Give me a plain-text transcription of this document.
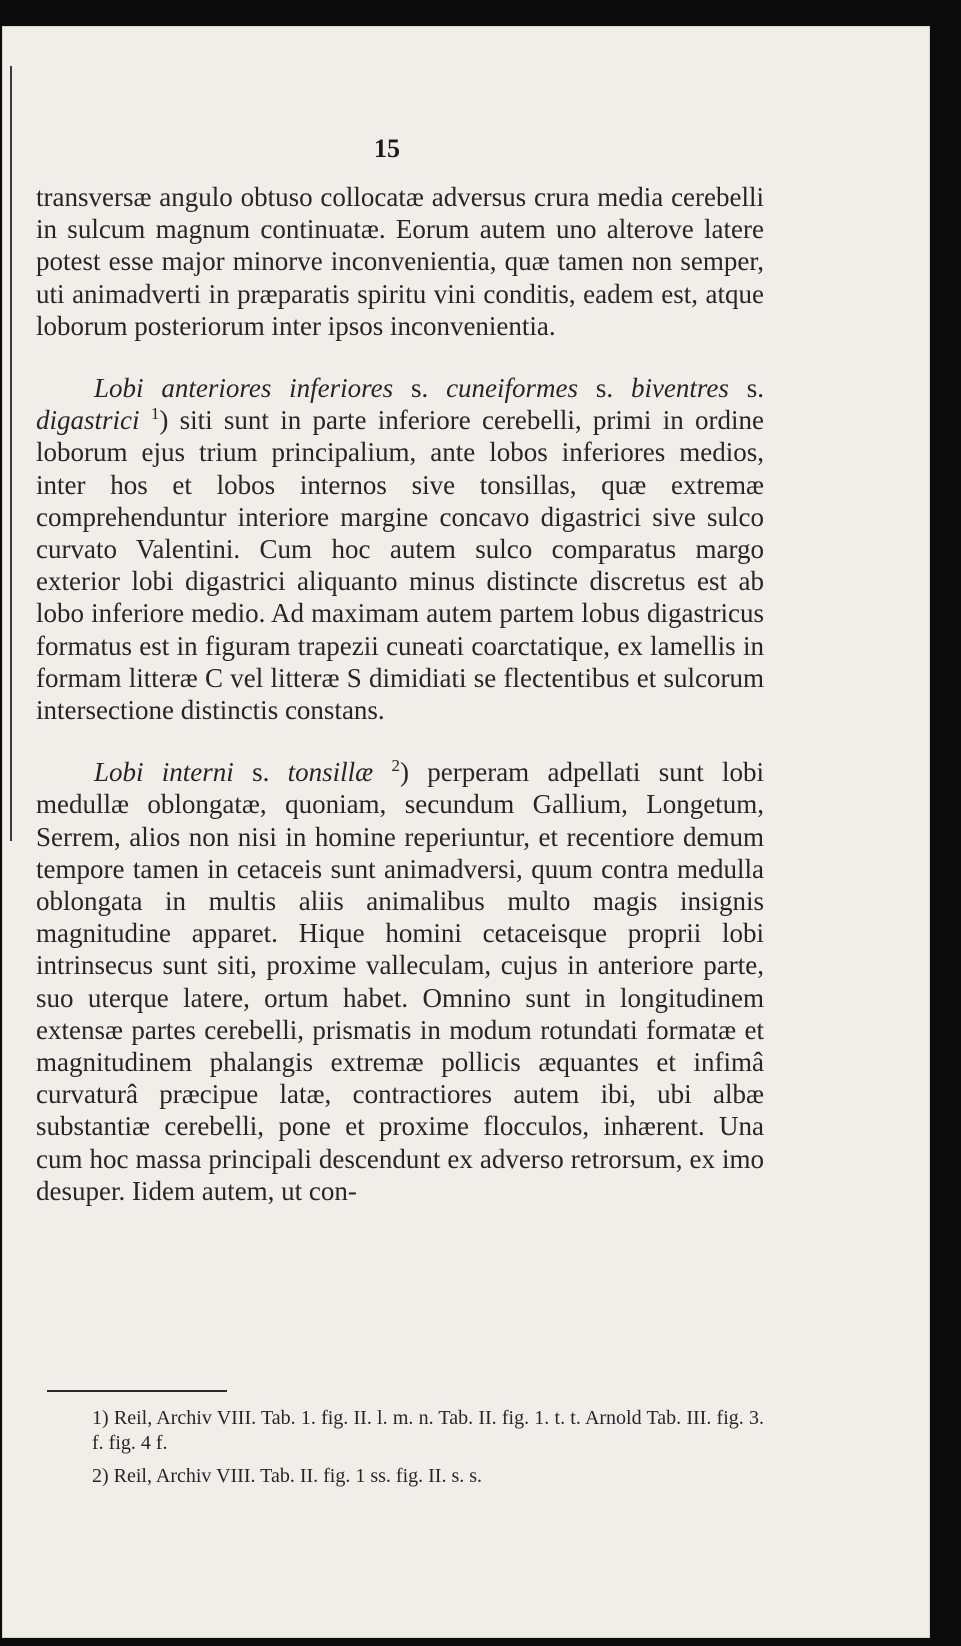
15

transversæ angulo obtuso collocatæ adversus crura media cerebelli in sulcum magnum continuatæ. Eorum autem uno alterove latere potest esse major minorve inconvenientia, quæ tamen non semper, uti animadverti in præparatis spiritu vini conditis, eadem est, atque loborum posteriorum inter ipsos inconvenientia.

Lobi anteriores inferiores s. cuneiformes s. biventres s. digastrici $^1$) siti sunt in parte inferiore cerebelli, primi in ordine loborum ejus trium principalium, ante lobos inferiores medios, inter hos et lobos internos sive tonsillas, quæ extremæ comprehenduntur interiore margine concavo digastrici sive sulco curvato Valentini. Cum hoc autem sulco comparatus margo exterior lobi digastrici aliquanto minus distincte discretus est ab lobo inferiore medio. Ad maximam autem partem lobus digastricus formatus est in figuram trapezii cuneati coarctatique, ex lamellis in formam litteræ C vel litteræ S dimidiati se flectentibus et sulcorum intersectione distinctis constans.

Lobi interni s. tonsillæ $^2$) perperam adpellati sunt lobi medullæ oblongatæ, quoniam, secundum Gallium, Longetum, Serrem, alios non nisi in homine reperiuntur, et recentiore demum tempore tamen in cetaceis sunt animadversi, quum contra medulla oblongata in multis aliis animalibus multo magis insignis magnitudine apparet. Hique homini cetaceisque proprii lobi intrinsecus sunt siti, proxime valleculam, cujus in anteriore parte, suo uterque latere, ortum habet. Omnino sunt in longitudinem extensæ partes cerebelli, prismatis in modum rotundati formatæ et magnitudinem phalangis extremæ pollicis æquantes et infimâ curvaturâ præcipue latæ, contractiores autem ibi, ubi albæ substantiæ cerebelli, pone et proxime flocculos, inhærent. Una cum hoc massa principali descendunt ex adverso retrorsum, ex imo desuper. Iidem autem, ut con-

1) Reil, Archiv VIII. Tab. 1. fig. II. l. m. n. Tab. II. fig. 1. t. t. Arnold Tab. III. fig. 3. f. fig. 4 f.

2) Reil, Archiv VIII. Tab. II. fig. 1 ss. fig. II. s. s.
